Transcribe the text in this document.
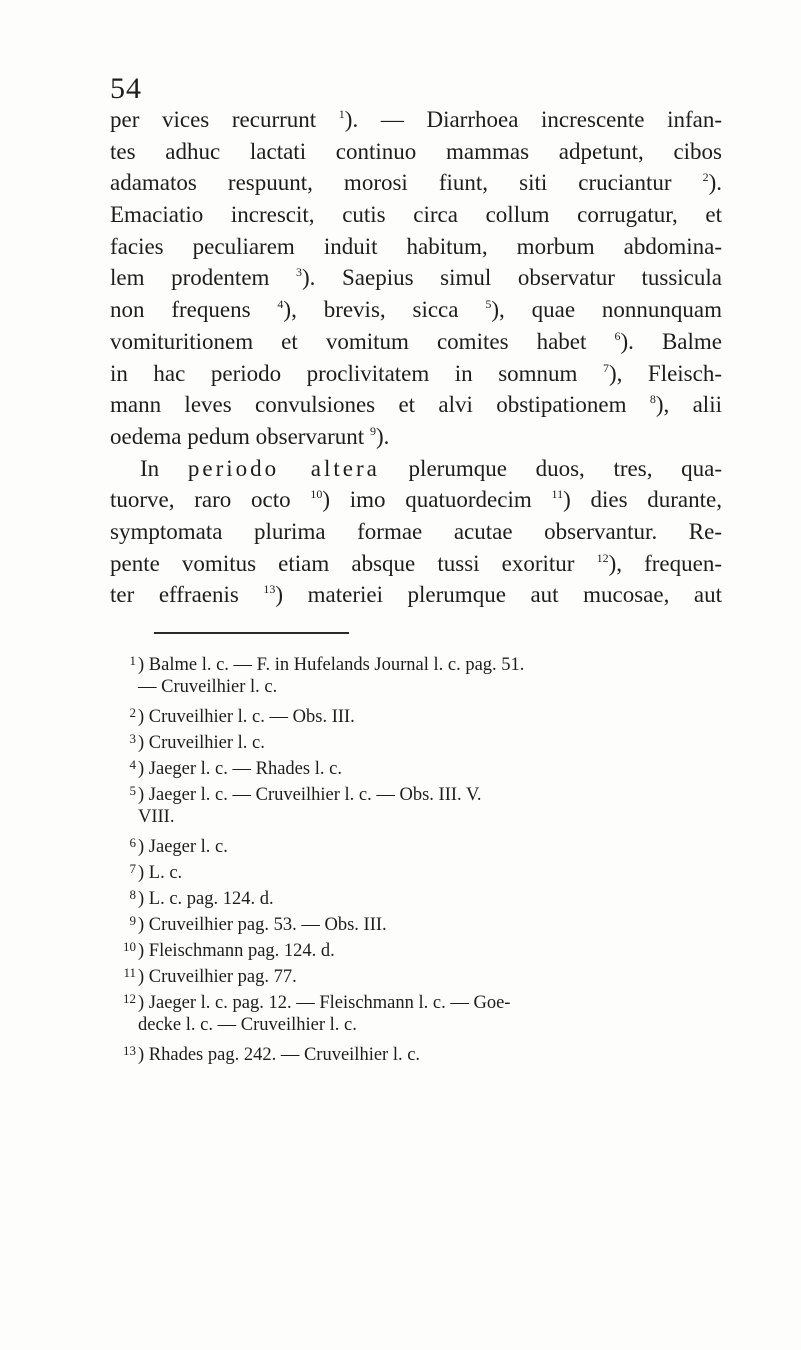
54
per vices recurrunt $^1$). — Diarrhoea increscente infan-
tes adhuc lactati continuo mammas adpetunt, cibos
adamatos respuunt, morosi fiunt, siti cruciantur $^2$).
Emaciatio increscit, cutis circa collum corrugatur, et
facies peculiarem induit habitum, morbum abdomina-
lem prodentem $^3$). Saepius simul observatur tussicula
non frequens $^4$), brevis, sicca $^5$), quae nonnunquam
vomituritionem et vomitum comites habet $^6$). Balme
in hac periodo proclivitatem in somnum $^7$), Fleisch-
mann leves convulsiones et alvi obstipationem $^8$), alii
oedema pedum observarunt $^9$).
In periodo altera plerumque duos, tres, qua-
tuorve, raro octo $^{10}$) imo quatuordecim $^{11}$) dies durante,
symptomata plurima formae acutae observantur. Re-
pente vomitus etiam absque tussi exoritur $^{12}$), frequen-
ter effraenis $^{13}$) materiei plerumque aut mucosae, aut
1 ) Balme l. c. — F. in Hufelands Journal l. c. pag. 51.
— Cruveilhier l. c.
2 ) Cruveilhier l. c. — Obs. III.
3 ) Cruveilhier l. c.
4 ) Jaeger l. c. — Rhades l. c.
5 ) Jaeger l. c. — Cruveilhier l. c. — Obs. III. V.
VIII.
6 ) Jaeger l. c.
7 ) L. c.
8 ) L. c. pag. 124. d.
9 ) Cruveilhier pag. 53. — Obs. III.
10 ) Fleischmann pag. 124. d.
11 ) Cruveilhier pag. 77.
12 ) Jaeger l. c. pag. 12. — Fleischmann l. c. — Goe-
decke l. c. — Cruveilhier l. c.
13 ) Rhades pag. 242. — Cruveilhier l. c.
